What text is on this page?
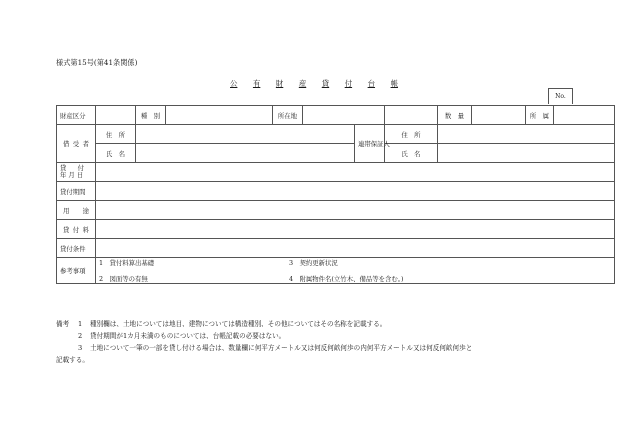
様式第15号(第41条関係)
公 有 財 産 貸 付 台 帳
No.
財産区分		種　別		所在地				数　量		所　属	
借受者	住　所					連帯保証人	住　所				
	氏　名						氏　名				

貸 付
年 月 日											

貸付期間											
用　途											
貸付料											
貸付条件											
参考事項	1　貸付料算出基礎 3　契約更新状況
2　図面等の有無 4　附属物件名(立竹木、備品等を含む。)										
備考	1	種別欄は、土地については地目、建物については構造種別、その他についてはその名称を記載する。
2	貸付期間が1カ月未満のものについては、台帳記載の必要はない。
3	土地について一筆の一部を貸し付ける場合は、数量欄に何平方メートル又は何反何畝何歩の内何平方メートル又は何反何畝何歩と
記載する。
